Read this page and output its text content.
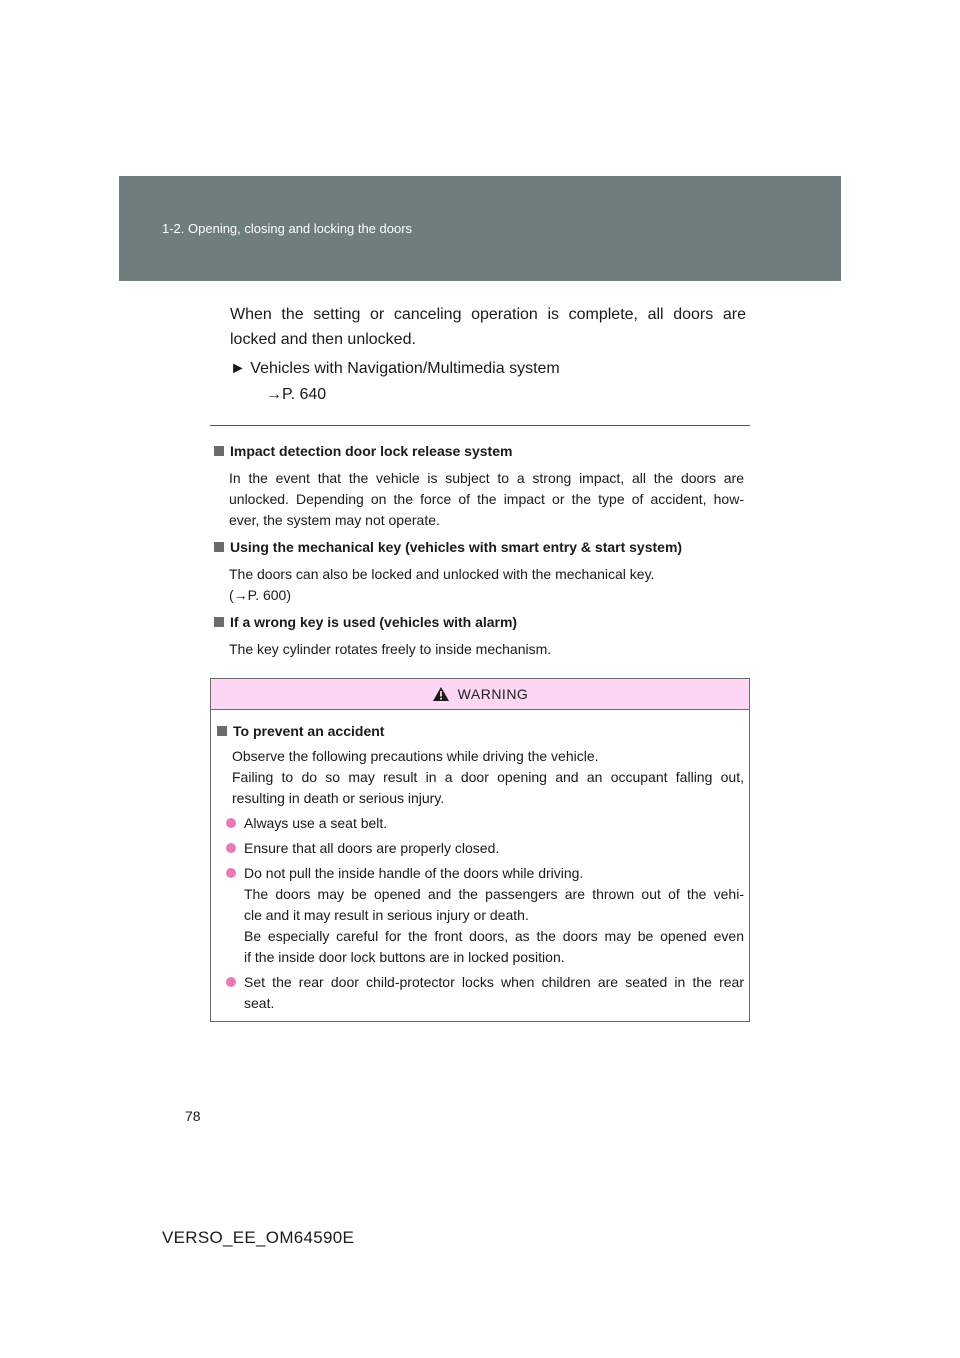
1-2. Opening, closing and locking the doors

When the setting or canceling operation is complete, all doors are

locked and then unlocked.

► Vehicles with Navigation/Multimedia system
→P. 640
Impact detection door lock release system
In the event that the vehicle is subject to a strong impact, all the doors are
unlocked. Depending on the force of the impact or the type of accident, how-
ever, the system may not operate.
Using the mechanical key (vehicles with smart entry & start system)
The doors can also be locked and unlocked with the mechanical key.
(→P. 600)
If a wrong key is used (vehicles with alarm)
The key cylinder rotates freely to inside mechanism.
WARNING
To prevent an accident
Observe the following precautions while driving the vehicle.
Failing to do so may result in a door opening and an occupant falling out,
resulting in death or serious injury.
Always use a seat belt.
Ensure that all doors are properly closed.
Do not pull the inside handle of the doors while driving.
The doors may be opened and the passengers are thrown out of the vehi-
cle and it may result in serious injury or death.
Be especially careful for the front doors, as the doors may be opened even
if the inside door lock buttons are in locked position.
Set the rear door child-protector locks when children are seated in the rear
seat.
78
VERSO_EE_OM64590E
